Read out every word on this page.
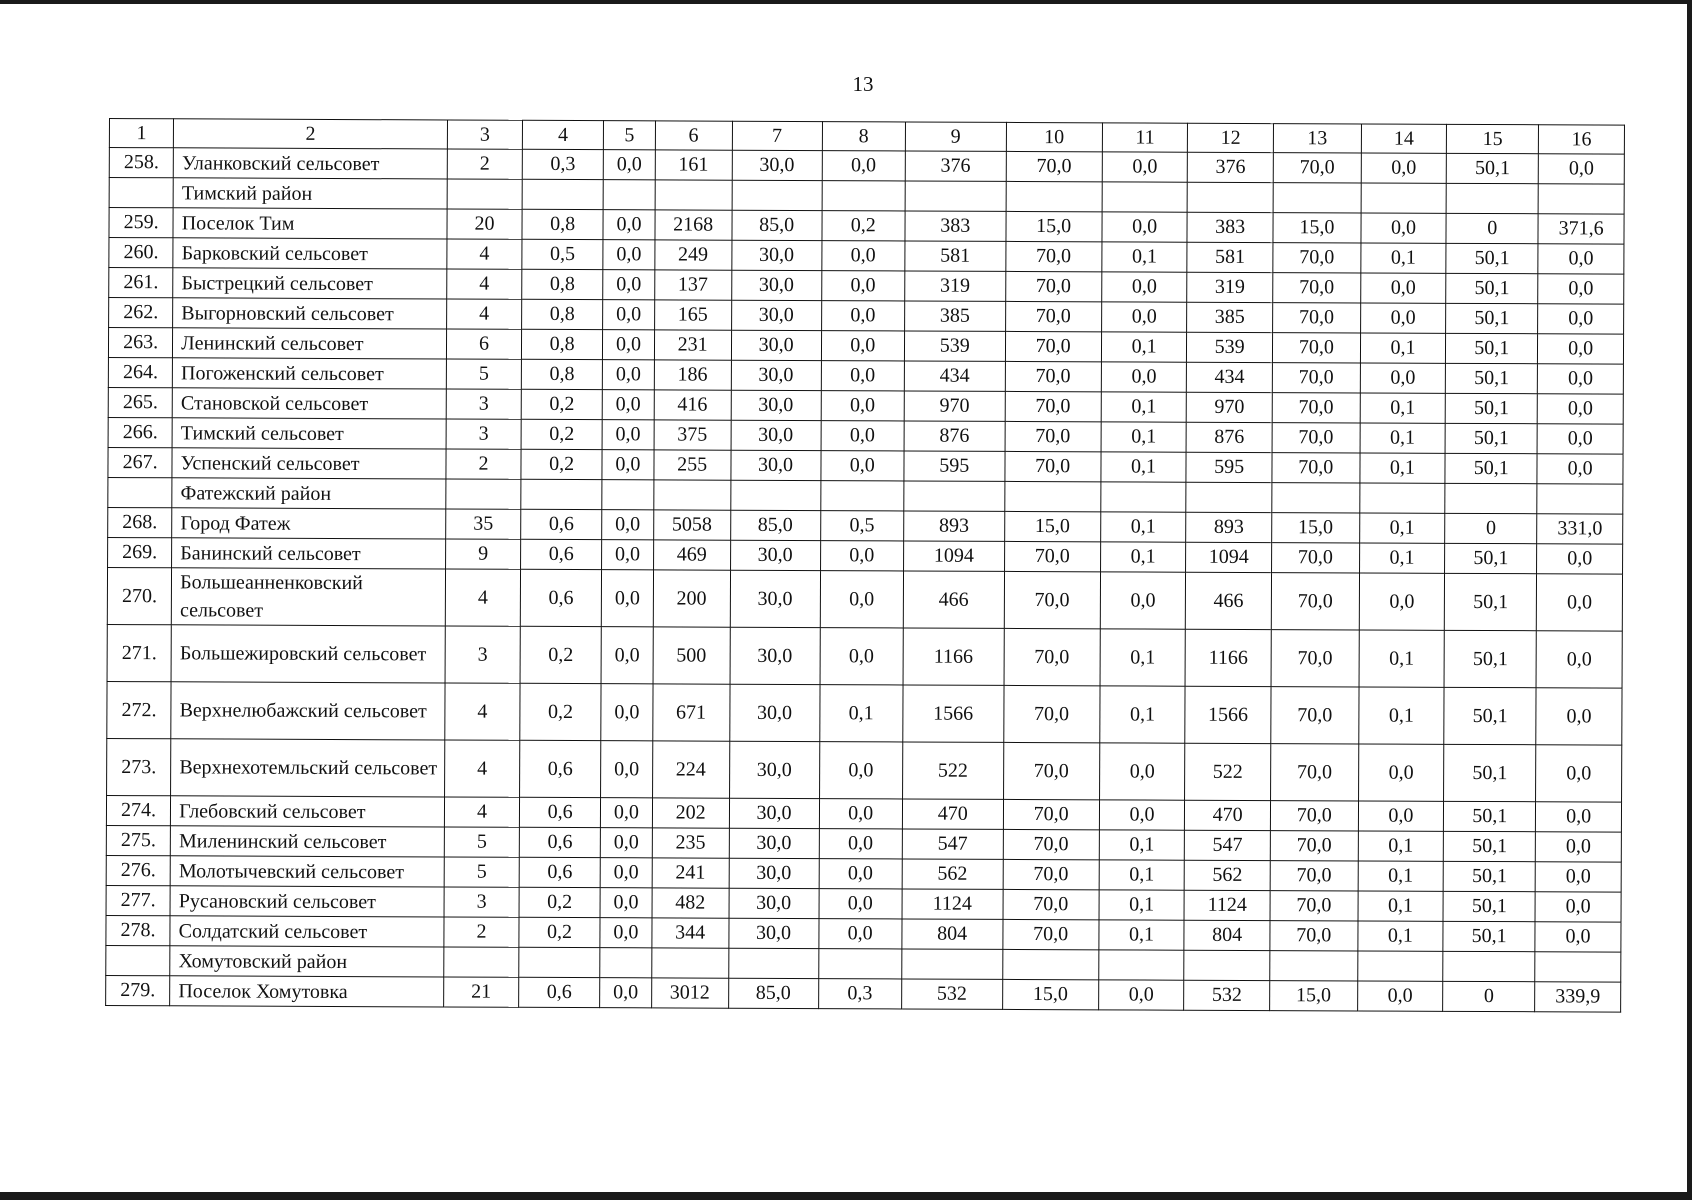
13
1	2	3	4	5	6	7	8	9	10	11	12	13	14	15	16
258.	Уланковский сельсовет	2	0,3	0,0	161	30,0	0,0	376	70,0	0,0	376	70,0	0,0	50,1	0,0
	Тимский район														
259.	Поселок Тим	20	0,8	0,0	2168	85,0	0,2	383	15,0	0,0	383	15,0	0,0	0	371,6
260.	Барковский сельсовет	4	0,5	0,0	249	30,0	0,0	581	70,0	0,1	581	70,0	0,1	50,1	0,0
261.	Быстрецкий сельсовет	4	0,8	0,0	137	30,0	0,0	319	70,0	0,0	319	70,0	0,0	50,1	0,0
262.	Выгорновский сельсовет	4	0,8	0,0	165	30,0	0,0	385	70,0	0,0	385	70,0	0,0	50,1	0,0
263.	Ленинский сельсовет	6	0,8	0,0	231	30,0	0,0	539	70,0	0,1	539	70,0	0,1	50,1	0,0
264.	Погоженский сельсовет	5	0,8	0,0	186	30,0	0,0	434	70,0	0,0	434	70,0	0,0	50,1	0,0
265.	Становской сельсовет	3	0,2	0,0	416	30,0	0,0	970	70,0	0,1	970	70,0	0,1	50,1	0,0
266.	Тимский сельсовет	3	0,2	0,0	375	30,0	0,0	876	70,0	0,1	876	70,0	0,1	50,1	0,0
267.	Успенский сельсовет	2	0,2	0,0	255	30,0	0,0	595	70,0	0,1	595	70,0	0,1	50,1	0,0
	Фатежский район														
268.	Город Фатеж	35	0,6	0,0	5058	85,0	0,5	893	15,0	0,1	893	15,0	0,1	0	331,0
269.	Банинский сельсовет	9	0,6	0,0	469	30,0	0,0	1094	70,0	0,1	1094	70,0	0,1	50,1	0,0
270.	Большеанненковский сельсовет	4	0,6	0,0	200	30,0	0,0	466	70,0	0,0	466	70,0	0,0	50,1	0,0
271.	Большежировский сельсовет	3	0,2	0,0	500	30,0	0,0	1166	70,0	0,1	1166	70,0	0,1	50,1	0,0
272.	Верхнелюбажский сельсовет	4	0,2	0,0	671	30,0	0,1	1566	70,0	0,1	1566	70,0	0,1	50,1	0,0
273.	Верхнехотемльский сельсовет	4	0,6	0,0	224	30,0	0,0	522	70,0	0,0	522	70,0	0,0	50,1	0,0
274.	Глебовский сельсовет	4	0,6	0,0	202	30,0	0,0	470	70,0	0,0	470	70,0	0,0	50,1	0,0
275.	Миленинский сельсовет	5	0,6	0,0	235	30,0	0,0	547	70,0	0,1	547	70,0	0,1	50,1	0,0
276.	Молотычевский сельсовет	5	0,6	0,0	241	30,0	0,0	562	70,0	0,1	562	70,0	0,1	50,1	0,0
277.	Русановский сельсовет	3	0,2	0,0	482	30,0	0,0	1124	70,0	0,1	1124	70,0	0,1	50,1	0,0
278.	Солдатский сельсовет	2	0,2	0,0	344	30,0	0,0	804	70,0	0,1	804	70,0	0,1	50,1	0,0
	Хомутовский район														
279.	Поселок Хомутовка	21	0,6	0,0	3012	85,0	0,3	532	15,0	0,0	532	15,0	0,0	0	339,9
